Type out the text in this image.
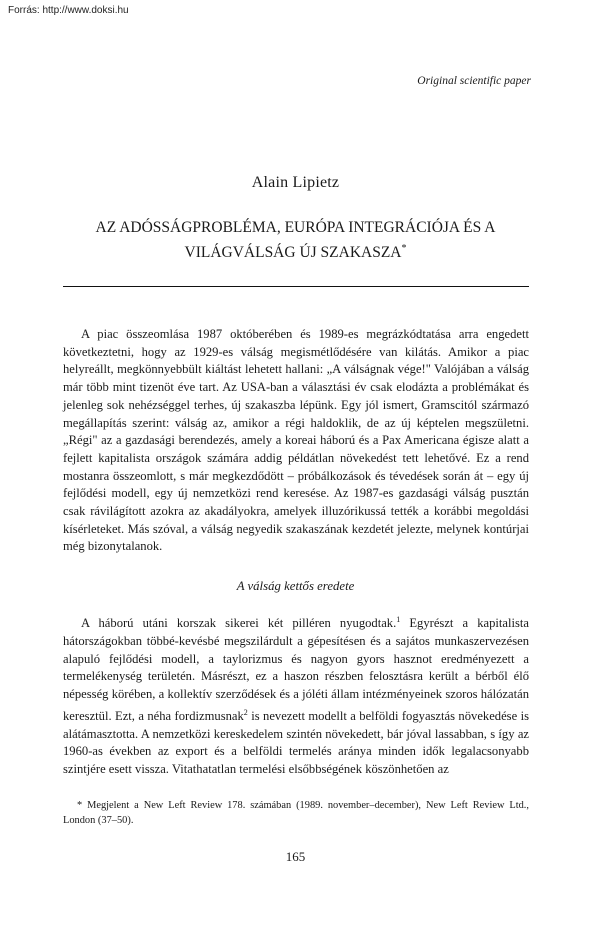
Forrás: http://www.doksi.hu
Original scientific paper
Alain Lipietz
AZ ADÓSSÁGPROBLÉMA, EURÓPA INTEGRÁCIÓJA ÉS A VILÁGVÁLSÁG ÚJ SZAKASZA*

A piac összeomlása 1987 októberében és 1989-es megrázkódtatása arra engedett következtetni, hogy az 1929-es válság megismétlődésére van kilátás. Amikor a piac helyreállt, megkönnyebbült kiáltást lehetett hallani: „A válságnak vége!" Valójában a válság már több mint tizenöt éve tart. Az USA-ban a választási év csak elodázta a problémákat és jelenleg sok nehézséggel terhes, új szakaszba lépünk. Egy jól ismert, Gramscitól származó megállapítás szerint: válság az, amikor a régi haldoklik, de az új képtelen megszületni. „Régi" az a gazdasági berendezés, amely a koreai háború és a Pax Americana égisze alatt a fejlett kapitalista országok számára addig példátlan növekedést tett lehetővé. Ez a rend mostanra összeomlott, s már megkezdődött – próbálkozások és tévedések során át – egy új fejlődési modell, egy új nemzetközi rend keresése. Az 1987-es gazdasági válság pusztán csak rávilágított azokra az akadályokra, amelyek illuzórikussá tették a korábbi megoldási kísérleteket. Más szóval, a válság negyedik szakaszának kezdetét jelezte, melynek kontúrjai még bizonytalanok.

A válság kettős eredete

A háború utáni korszak sikerei két pilléren nyugodtak.$^1$ Egyrészt a kapitalista hátországokban többé-kevésbé megszilárdult a gépesítésen és a sajátos munkaszervezésen alapuló fejlődési modell, a taylorizmus és nagyon gyors hasznot eredményezett a termelékenység területén. Másrészt, ez a haszon részben felosztásra került a bérből élő népesség körében, a kollektív szerződések és a jóléti állam intézményeinek szoros hálózatán keresztül. Ezt, a néha fordizmusnak$^2$ is nevezett modellt a belföldi fogyasztás növekedése is alátámasztotta. A nemzetközi kereskedelem szintén növekedett, bár jóval lassabban, s így az 1960-as években az export és a belföldi termelés aránya minden idők legalacsonyabb szintjére esett vissza. Vitathatatlan termelési elsőbbségének köszönhetően az

* Megjelent a New Left Review 178. számában (1989. november–december), New Left Review Ltd., London (37–50).
165
